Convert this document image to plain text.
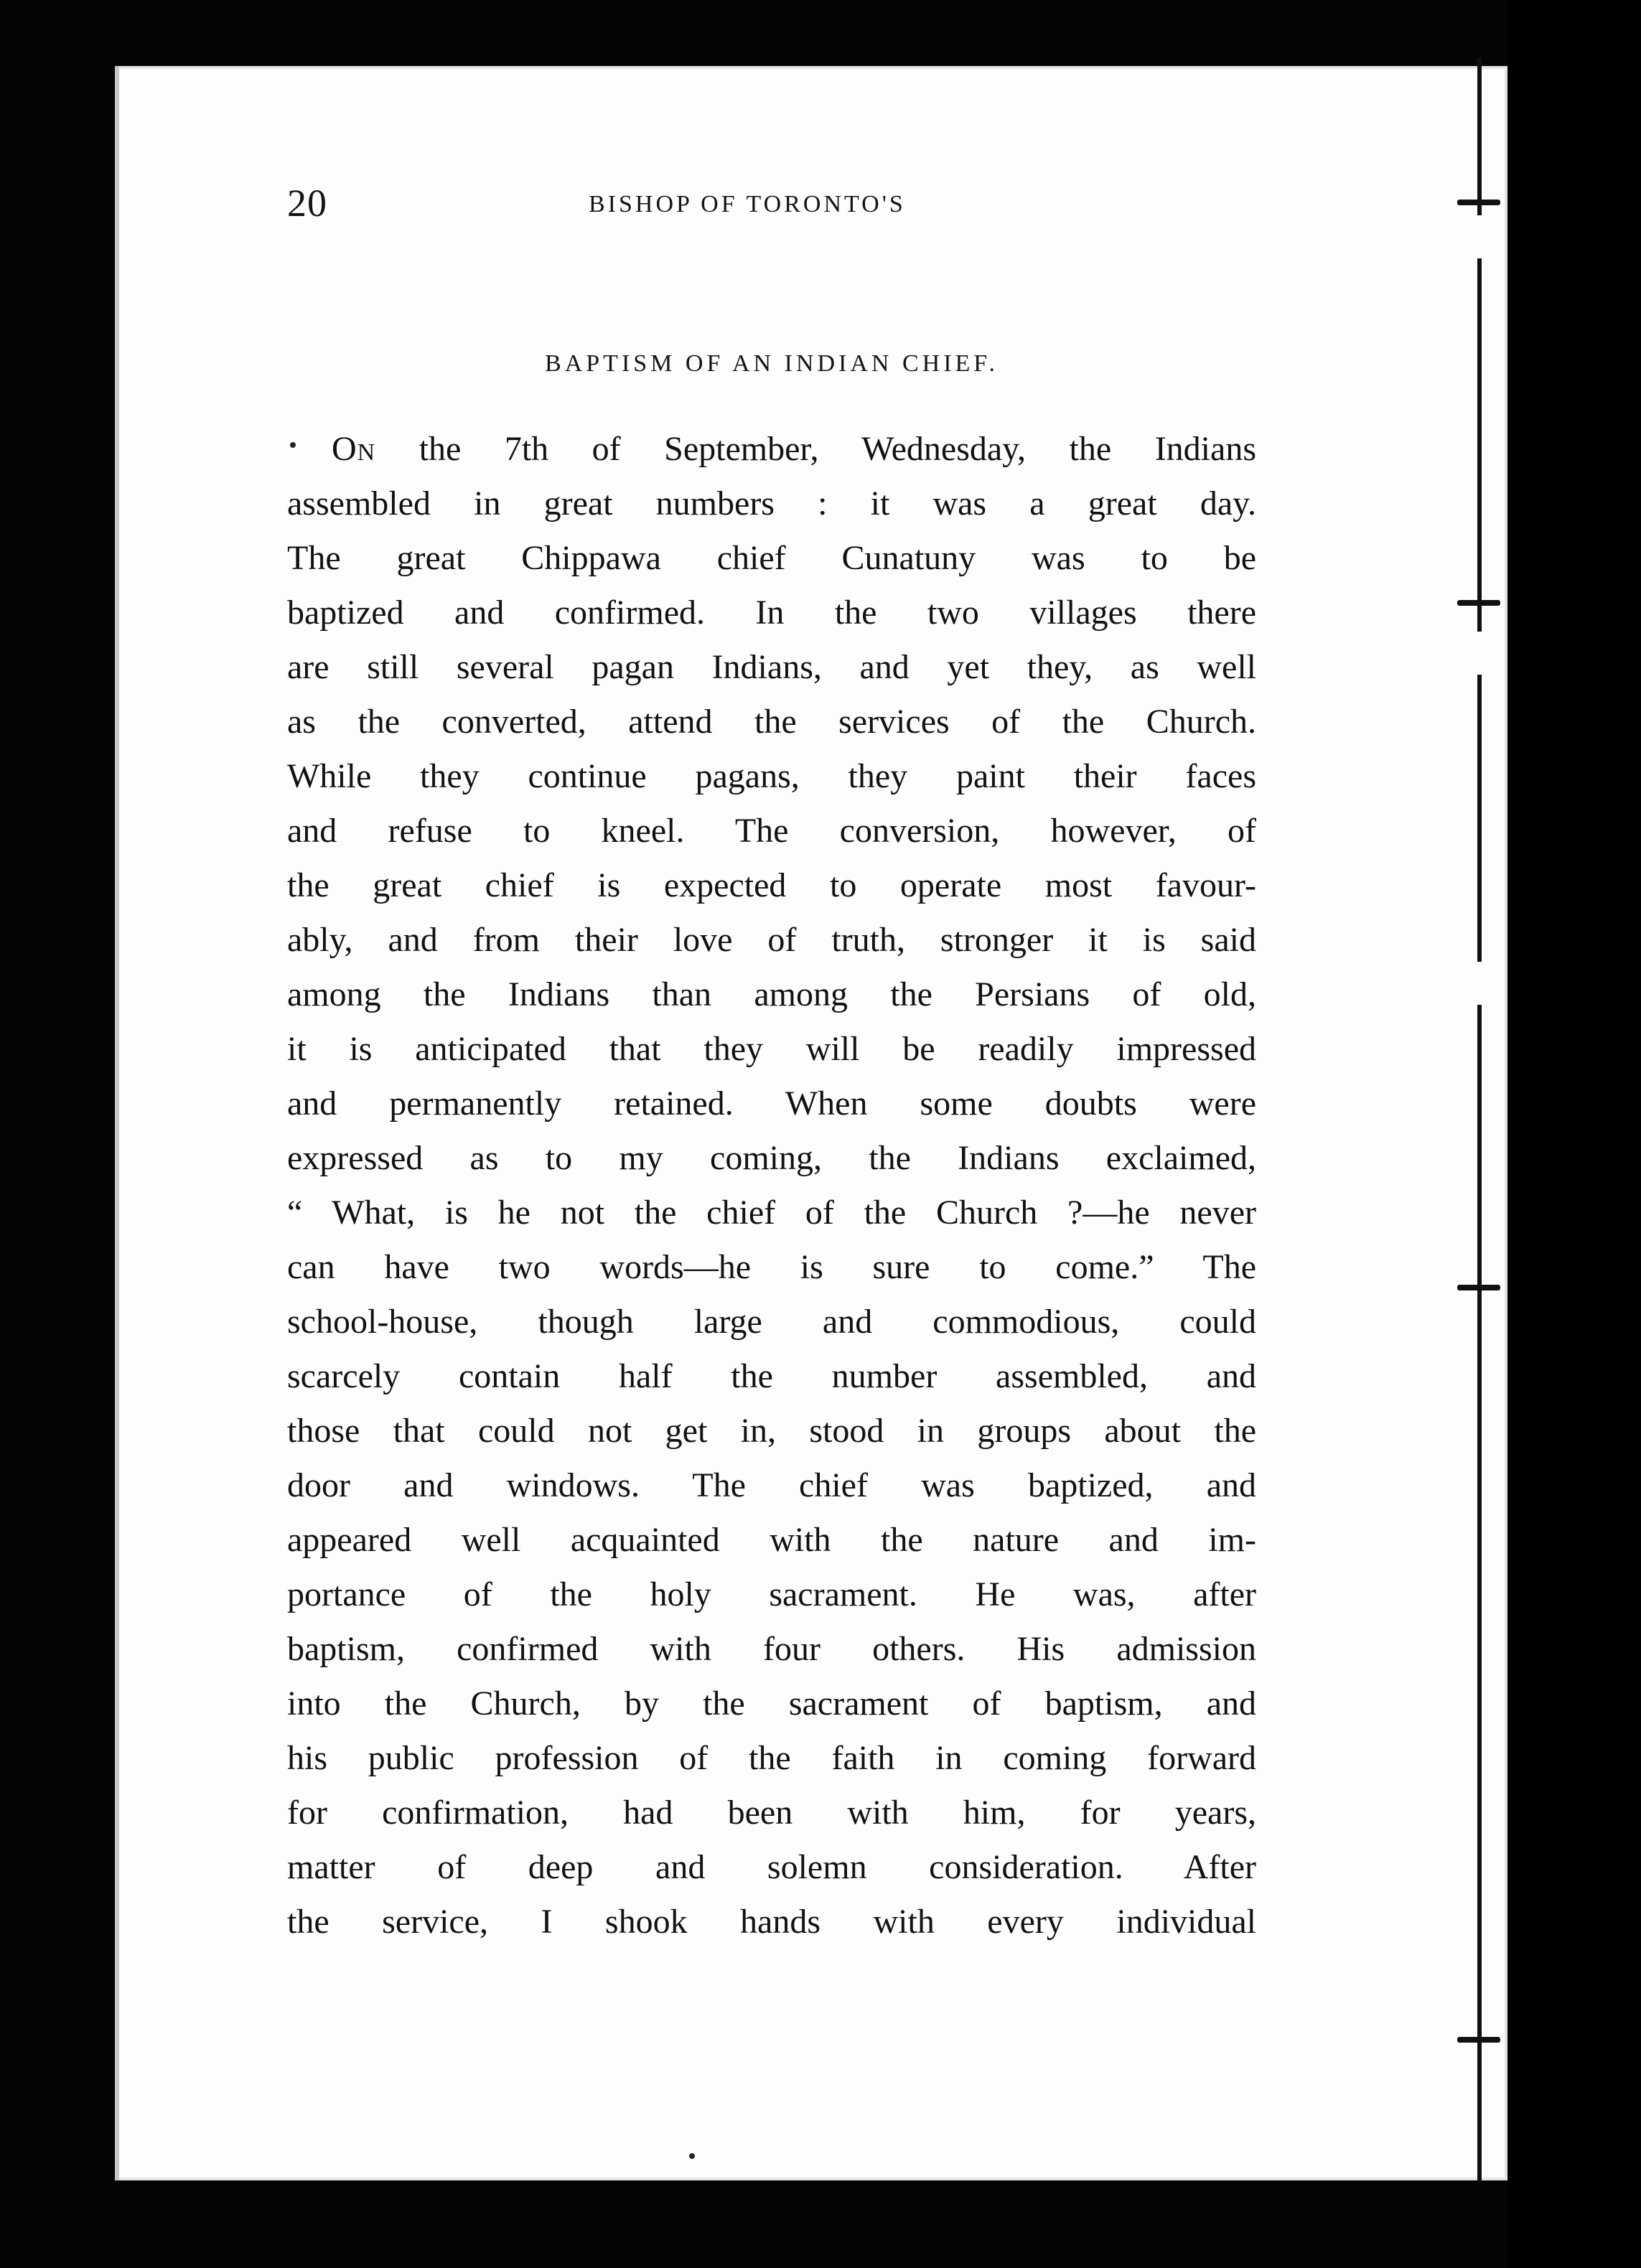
20	BISHOP OF TORONTO'S
BAPTISM OF AN INDIAN CHIEF.
On the 7th of September, Wednesday, the Indians
assembled in great numbers : it was a great day.
The great Chippawa chief Cunatuny was to be
baptized and confirmed. In the two villages there
are still several pagan Indians, and yet they, as well
as the converted, attend the services of the Church.
While they continue pagans, they paint their faces
and refuse to kneel. The conversion, however, of
the great chief is expected to operate most favour-
ably, and from their love of truth, stronger it is said
among the Indians than among the Persians of old,
it is anticipated that they will be readily impressed
and permanently retained. When some doubts were
expressed as to my coming, the Indians exclaimed,
“ What, is he not the chief of the Church ?—he never
can have two words—he is sure to come.” The
school-house, though large and commodious, could
scarcely contain half the number assembled, and
those that could not get in, stood in groups about the
door and windows. The chief was baptized, and
appeared well acquainted with the nature and im-
portance of the holy sacrament. He was, after
baptism, confirmed with four others. His admission
into the Church, by the sacrament of baptism, and
his public profession of the faith in coming forward
for confirmation, had been with him, for years,
matter of deep and solemn consideration. After
the service, I shook hands with every individual
